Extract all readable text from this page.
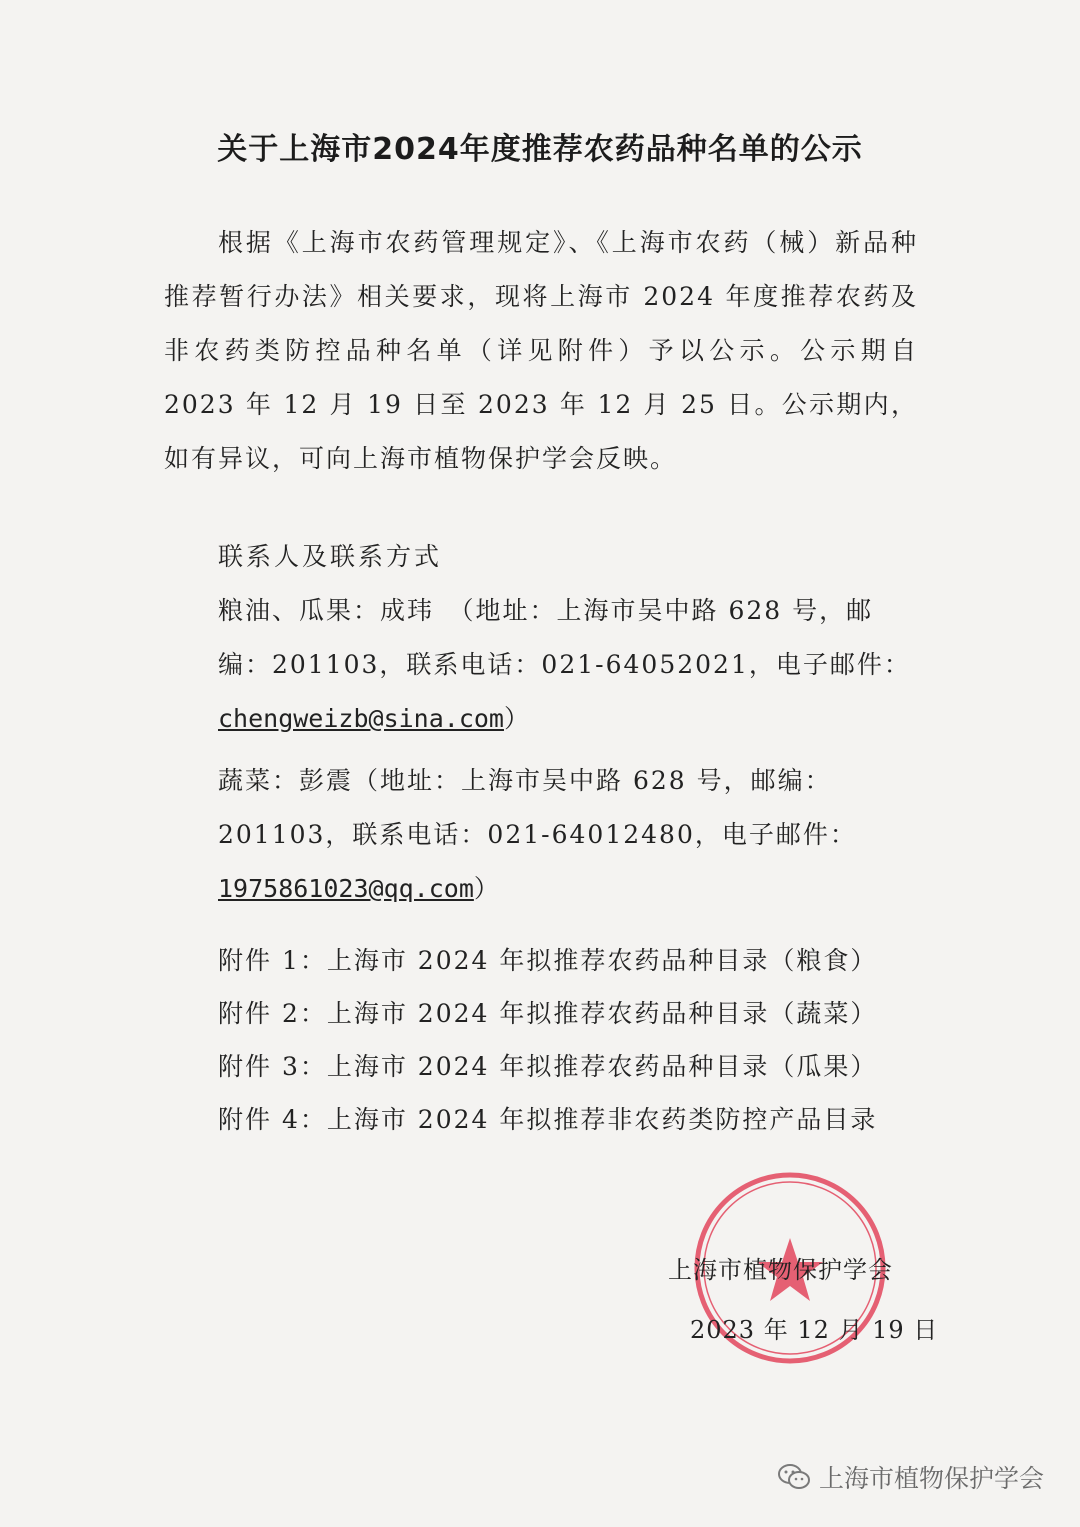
关于上海市2024年度推荐农药品种名单的公示

根据《上海市农药管理规定》、《上海市农药（械）新品种推荐暂行办法》相关要求，现将上海市 2024 年度推荐农药及非农药类防控品种名单（详见附件）予以公示。公示期自 2023 年 12 月 19 日至 2023 年 12 月 25 日。公示期内，如有异议，可向上海市植物保护学会反映。

联系人及联系方式
粮油、瓜果：成玮　（地址：上海市吴中路 628 号，邮编：201103，联系电话：021-64052021，电子邮件：chengweizb@sina.com）
蔬菜：彭震（地址：上海市吴中路 628 号，邮编：201103，联系电话：021-64012480，电子邮件：1975861023@qq.com）
附件 1：上海市 2024 年拟推荐农药品种目录（粮食）
附件 2：上海市 2024 年拟推荐农药品种目录（蔬菜）
附件 3：上海市 2024 年拟推荐农药品种目录（瓜果）
附件 4：上海市 2024 年拟推荐非农药类防控产品目录
上海市植物保护学会
2023 年 12 月 19 日
上海市植物保护学会
